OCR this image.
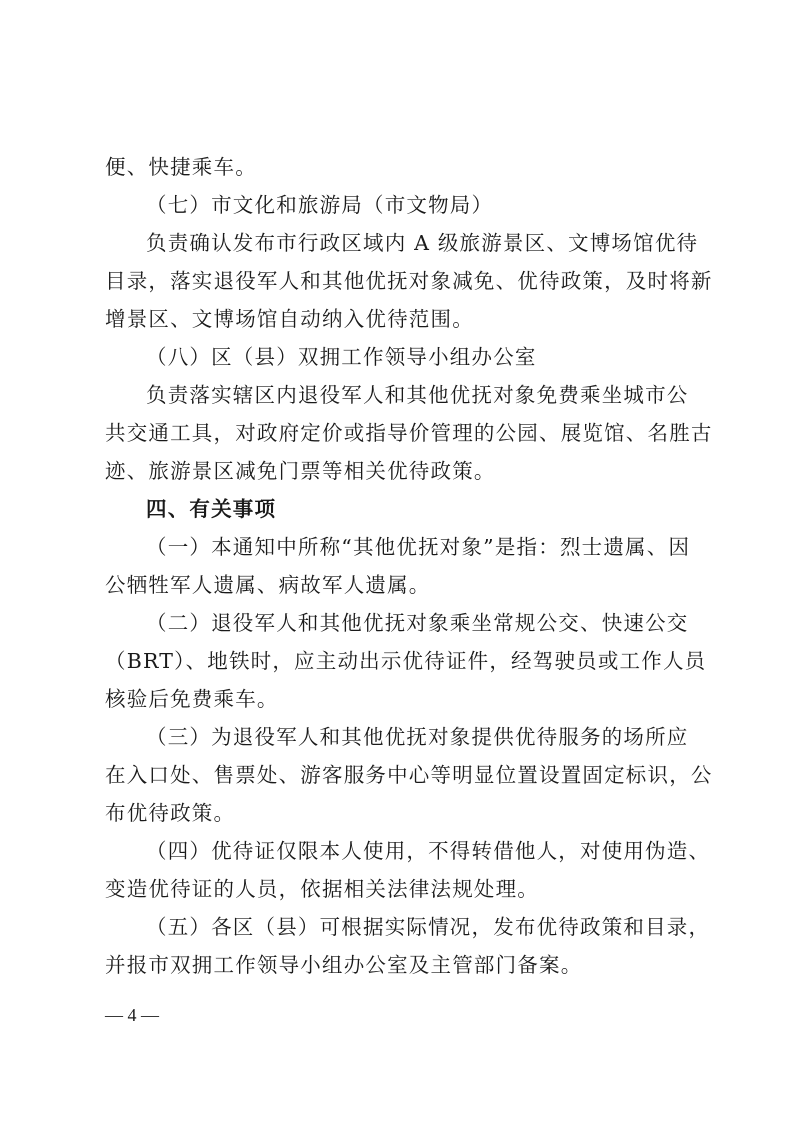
便、快捷乘车。
（七）市文化和旅游局（市文物局）
负责确认发布市行政区域内 A 级旅游景区、文博场馆优待
目录，落实退役军人和其他优抚对象减免、优待政策，及时将新
增景区、文博场馆自动纳入优待范围。
（八）区（县）双拥工作领导小组办公室
负责落实辖区内退役军人和其他优抚对象免费乘坐城市公
共交通工具，对政府定价或指导价管理的公园、展览馆、名胜古
迹、旅游景区减免门票等相关优待政策。
四、有关事项
（一）本通知中所称“其他优抚对象”是指：烈士遗属、因
公牺牲军人遗属、病故军人遗属。
（二）退役军人和其他优抚对象乘坐常规公交、快速公交
（BRT）、地铁时，应主动出示优待证件，经驾驶员或工作人员
核验后免费乘车。
（三）为退役军人和其他优抚对象提供优待服务的场所应
在入口处、售票处、游客服务中心等明显位置设置固定标识，公
布优待政策。
（四）优待证仅限本人使用，不得转借他人，对使用伪造、
变造优待证的人员，依据相关法律法规处理。
（五）各区（县）可根据实际情况，发布优待政策和目录，
并报市双拥工作领导小组办公室及主管部门备案。
— 4 —
